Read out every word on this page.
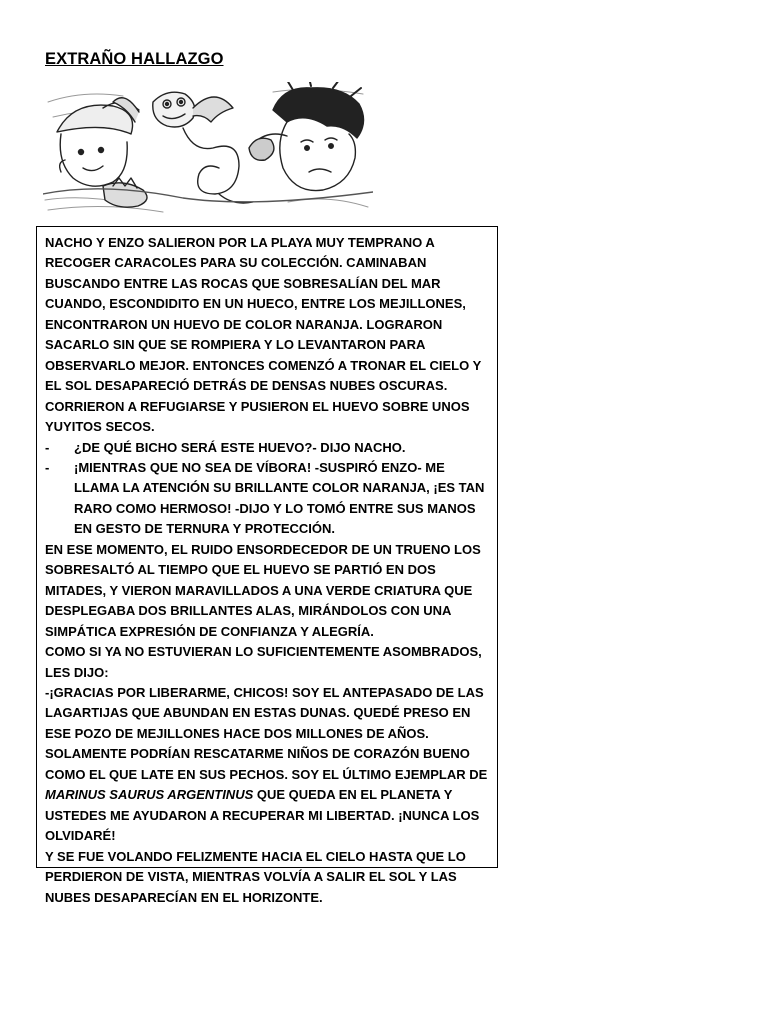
EXTRAÑO HALLAZGO

NACHO Y ENZO SALIERON POR LA PLAYA MUY TEMPRANO A RECOGER CARACOLES PARA SU COLECCIÓN. CAMINABAN BUSCANDO ENTRE LAS ROCAS QUE SOBRESALÍAN DEL MAR CUANDO, ESCONDIDITO EN UN HUECO, ENTRE LOS MEJILLONES, ENCONTRARON UN HUEVO DE COLOR NARANJA. LOGRARON SACARLO SIN QUE SE ROMPIERA Y LO LEVANTARON PARA OBSERVARLO MEJOR. ENTONCES COMENZÓ A TRONAR EL CIELO Y EL SOL DESAPARECIÓ DETRÁS DE DENSAS NUBES OSCURAS. CORRIERON A REFUGIARSE Y PUSIERON EL HUEVO SOBRE UNOS YUYITOS SECOS.

- ¿DE QUÉ BICHO SERÁ ESTE HUEVO?- DIJO NACHO.

- ¡MIENTRAS QUE NO SEA DE VÍBORA! -SUSPIRÓ ENZO- ME LLAMA LA ATENCIÓN SU BRILLANTE COLOR NARANJA, ¡ES TAN RARO COMO HERMOSO! -DIJO Y LO TOMÓ ENTRE SUS MANOS EN GESTO DE TERNURA Y PROTECCIÓN.

EN ESE MOMENTO, EL RUIDO ENSORDECEDOR DE UN TRUENO LOS SOBRESALTÓ AL TIEMPO QUE EL HUEVO SE PARTIÓ EN DOS MITADES, Y VIERON MARAVILLADOS A UNA VERDE CRIATURA QUE DESPLEGABA DOS BRILLANTES ALAS, MIRÁNDOLOS CON UNA SIMPÁTICA EXPRESIÓN DE CONFIANZA Y ALEGRÍA.

COMO SI YA NO ESTUVIERAN LO SUFICIENTEMENTE ASOMBRADOS, LES DIJO:

-¡GRACIAS POR LIBERARME, CHICOS! SOY EL ANTEPASADO DE LAS LAGARTIJAS QUE ABUNDAN EN ESTAS DUNAS. QUEDÉ PRESO EN ESE POZO DE MEJILLONES HACE DOS MILLONES DE AÑOS. SOLAMENTE PODRÍAN RESCATARME NIÑOS DE CORAZÓN BUENO COMO EL QUE LATE EN SUS PECHOS. SOY EL ÚLTIMO EJEMPLAR DE MARINUS SAURUS ARGENTINUS QUE QUEDA EN EL PLANETA Y USTEDES ME AYUDARON A RECUPERAR MI LIBERTAD. ¡NUNCA LOS OLVIDARÉ!

Y SE FUE VOLANDO FELIZMENTE HACIA EL CIELO HASTA QUE LO PERDIERON DE VISTA, MIENTRAS VOLVÍA A SALIR EL SOL Y LAS NUBES DESAPARECÍAN EN EL HORIZONTE.
